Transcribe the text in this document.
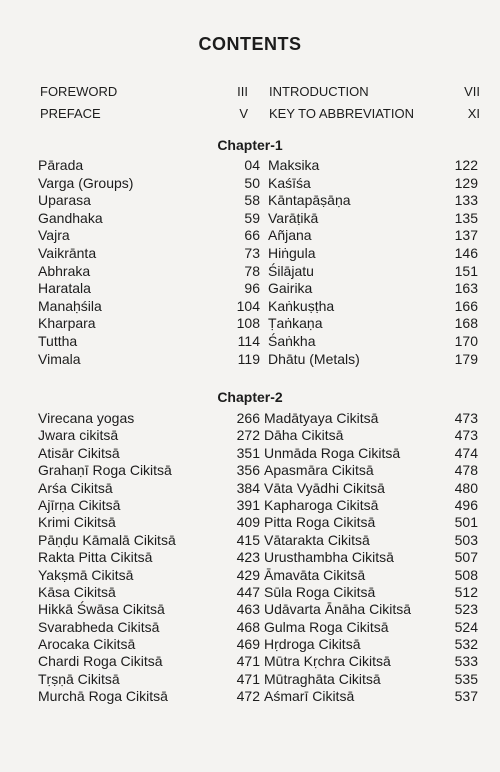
CONTENTS
FOREWORD	III INTRODUCTION	VII
PREFACE	V KEY TO ABBREVIATION	XI
Chapter-1
Pārada	04 Maksika	122
Varga (Groups)	50 Kaśīśa	129
Uparasa	58 Kāntapāṣāṇa	133
Gandhaka	59 Varāṭikā	135
Vajra	66 Añjana	137
Vaikrānta	73 Hiṅgula	146
Abhraka	78 Śilājatu	151
Haratala	96 Gairika	163
Manaḥśila	104 Kaṅkuṣṭha	166
Kharpara	108 Ṭaṅkaṇa	168
Tuttha	114 Śaṅkha	170
Vimala	119 Dhātu (Metals)	179
Chapter-2
Virecana yogas	266 Madātyaya Cikitsā	473
Jwara cikitsā	272 Dāha Cikitsā	473
Atisār Cikitsā	351 Unmāda Roga Cikitsā	474
Grahaṇī Roga Cikitsā	356 Apasmāra Cikitsā	478
Arśa Cikitsā	384 Vāta Vyādhi Cikitsā	480
Ajīrṇa Cikitsā	391 Kapharoga Cikitsā	496
Krimi Cikitsā	409 Pitta Roga Cikitsā	501
Pāṇḍu Kāmalā Cikitsā	415 Vātarakta Cikitsā	503
Rakta Pitta Cikitsā	423 Urusthambha Cikitsā	507
Yakṣmā Cikitsā	429 Āmavāta Cikitsā	508
Kāsa Cikitsā	447 Sūla Roga Cikitsā	512
Hikkā Śwāsa Cikitsā	463 Udāvarta Ānāha Cikitsā	523
Svarabheda Cikitsā	468 Gulma Roga Cikitsā	524
Arocaka Cikitsā	469 Hṛdroga Cikitsā	532
Chardi Roga Cikitsā	471 Mūtra Kṛchra Cikitsā	533
Tṛṣṇā Cikitsā	471 Mūtraghāta Cikitsā	535
Murchā Roga Cikitsā	472 Aśmarī Cikitsā	537
